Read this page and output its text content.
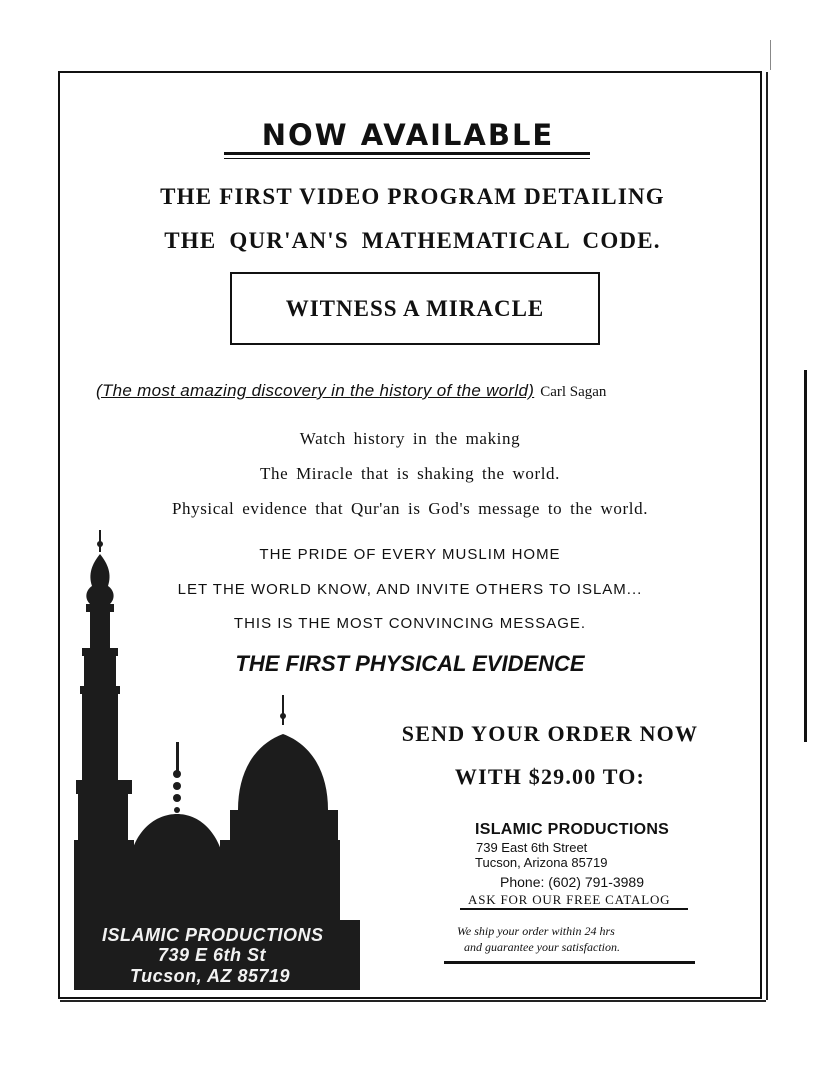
NOW AVAILABLE
THE FIRST VIDEO PROGRAM DETAILING
THE QUR'AN'S MATHEMATICAL CODE.
WITNESS A MIRACLE
(The most amazing discovery in the history of the world) Carl Sagan
Watch history in the making
The Miracle that is shaking the world.
Physical evidence that Qur'an is God's message to the world.
THE PRIDE OF EVERY MUSLIM HOME
LET THE WORLD KNOW, AND INVITE OTHERS TO ISLAM...
THIS IS THE MOST CONVINCING MESSAGE.
THE FIRST PHYSICAL EVIDENCE
SEND YOUR ORDER NOW
WITH $29.00 TO:
ISLAMIC PRODUCTIONS
739 East 6th Street
Tucson, Arizona 85719
Phone: (602) 791-3989
ASK FOR OUR FREE CATALOG
We ship your order within 24 hrs
and guarantee your satisfaction.
ISLAMIC PRODUCTIONS
739 E 6th St
Tucson, AZ 85719
